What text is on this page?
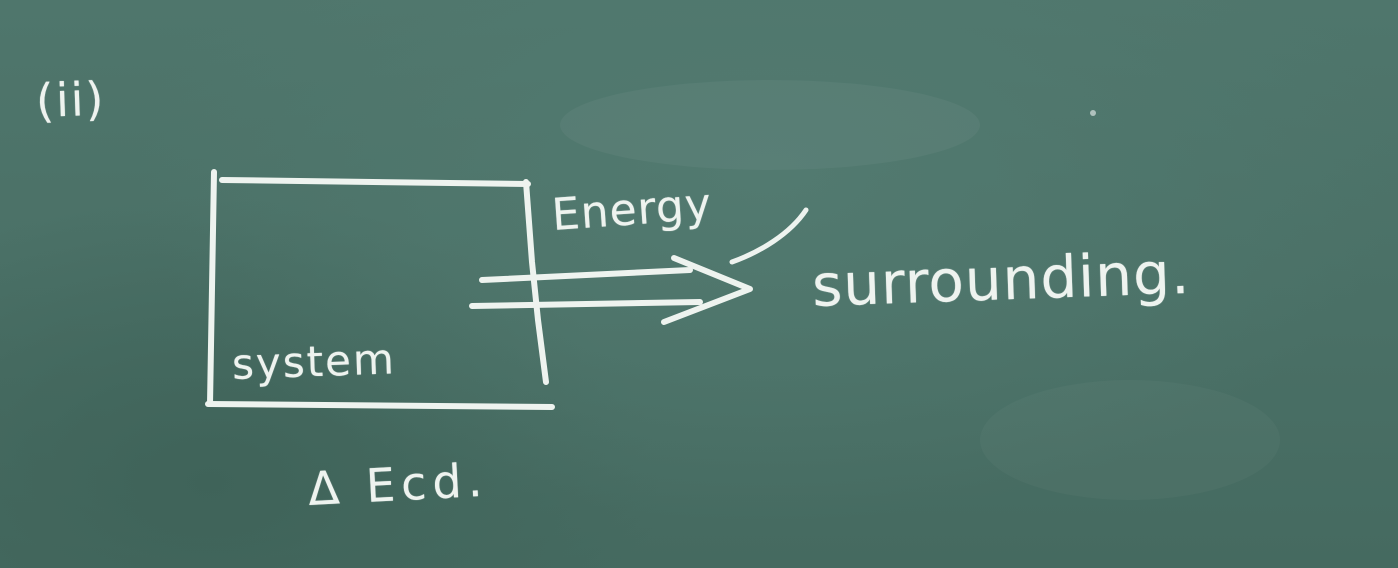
(ii)
Energy
surrounding.
system
Δ Ecd.
